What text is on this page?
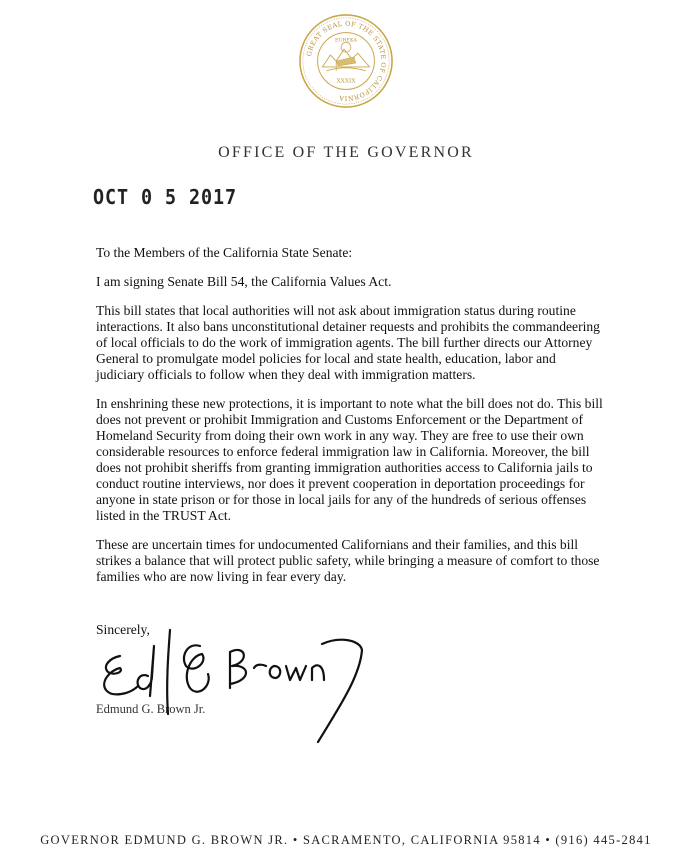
GREAT SEAL OF THE STATE OF CALIFORNIA
EUREKA
XXXIX
OFFICE OF THE GOVERNOR
OCT 0 5 2017

To the Members of the California State Senate:

I am signing Senate Bill 54, the California Values Act.

This bill states that local authorities will not ask about immigration status during routine interactions. It also bans unconstitutional detainer requests and prohibits the commandeering of local officials to do the work of immigration agents. The bill further directs our Attorney General to promulgate model policies for local and state health, education, labor and judiciary officials to follow when they deal with immigration matters.

In enshrining these new protections, it is important to note what the bill does not do. This bill does not prevent or prohibit Immigration and Customs Enforcement or the Department of Homeland Security from doing their own work in any way. They are free to use their own considerable resources to enforce federal immigration law in California. Moreover, the bill does not prohibit sheriffs from granting immigration authorities access to California jails to conduct routine interviews, nor does it prevent cooperation in deportation proceedings for anyone in state prison or for those in local jails for any of the hundreds of serious offenses listed in the TRUST Act.

These are uncertain times for undocumented Californians and their families, and this bill strikes a balance that will protect public safety, while bringing a measure of comfort to those families who are now living in fear every day.

Sincerely,

Edmund G. Brown Jr.
GOVERNOR EDMUND G. BROWN JR. • SACRAMENTO, CALIFORNIA 95814 • (916) 445-2841
